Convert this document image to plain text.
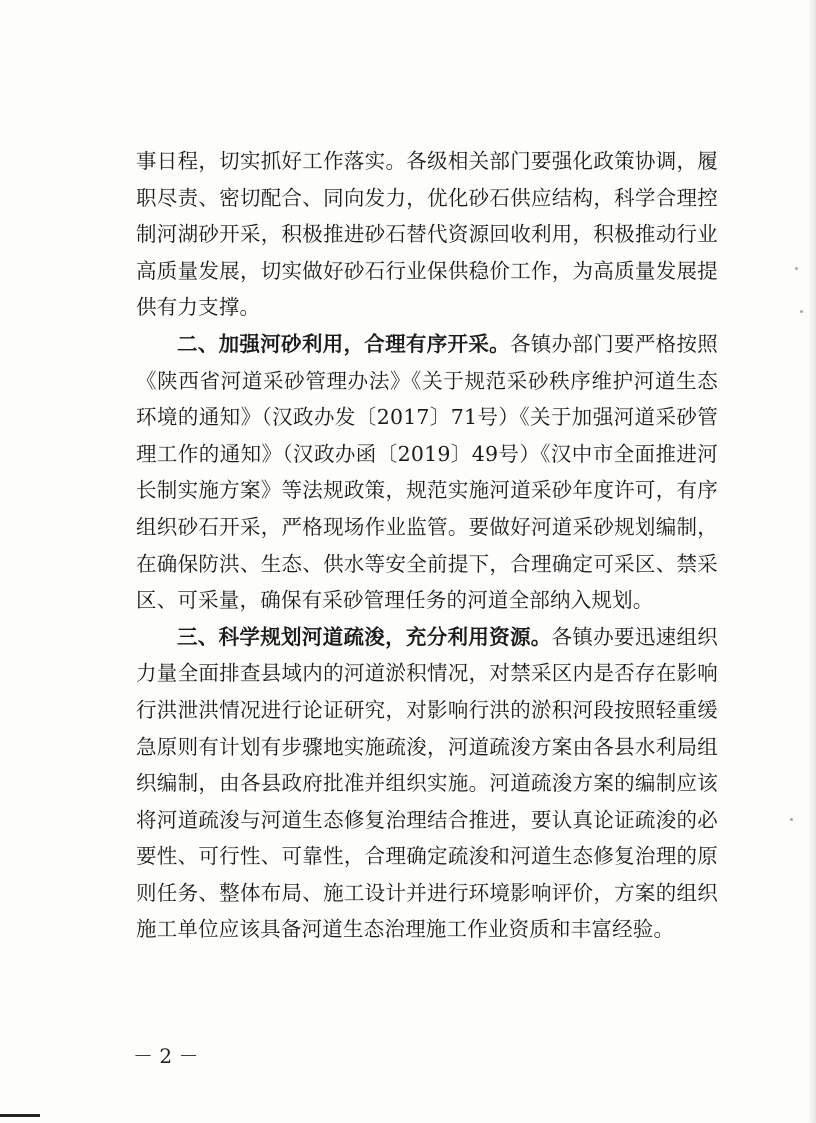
事日程，切实抓好工作落实。各级相关部门要强化政策协调，履职尽责、密切配合、同向发力，优化砂石供应结构，科学合理控制河湖砂开采，积极推进砂石替代资源回收利用，积极推动行业高质量发展，切实做好砂石行业保供稳价工作，为高质量发展提供有力支撑。

二、加强河砂利用，合理有序开采。各镇办部门要严格按照《陕西省河道采砂管理办法》《关于规范采砂秩序维护河道生态环境的通知》（汉政办发〔2017〕71号）《关于加强河道采砂管理工作的通知》（汉政办函〔2019〕49号）《汉中市全面推进河长制实施方案》等法规政策，规范实施河道采砂年度许可，有序组织砂石开采，严格现场作业监管。要做好河道采砂规划编制，在确保防洪、生态、供水等安全前提下，合理确定可采区、禁采区、可采量，确保有采砂管理任务的河道全部纳入规划。

三、科学规划河道疏浚，充分利用资源。各镇办要迅速组织力量全面排查县域内的河道淤积情况，对禁采区内是否存在影响行洪泄洪情况进行论证研究，对影响行洪的淤积河段按照轻重缓急原则有计划有步骤地实施疏浚，河道疏浚方案由各县水利局组织编制，由各县政府批准并组织实施。河道疏浚方案的编制应该将河道疏浚与河道生态修复治理结合推进，要认真论证疏浚的必要性、可行性、可靠性，合理确定疏浚和河道生态修复治理的原则任务、整体布局、施工设计并进行环境影响评价，方案的组织施工单位应该具备河道生态治理施工作业资质和丰富经验。

－ 2 －
